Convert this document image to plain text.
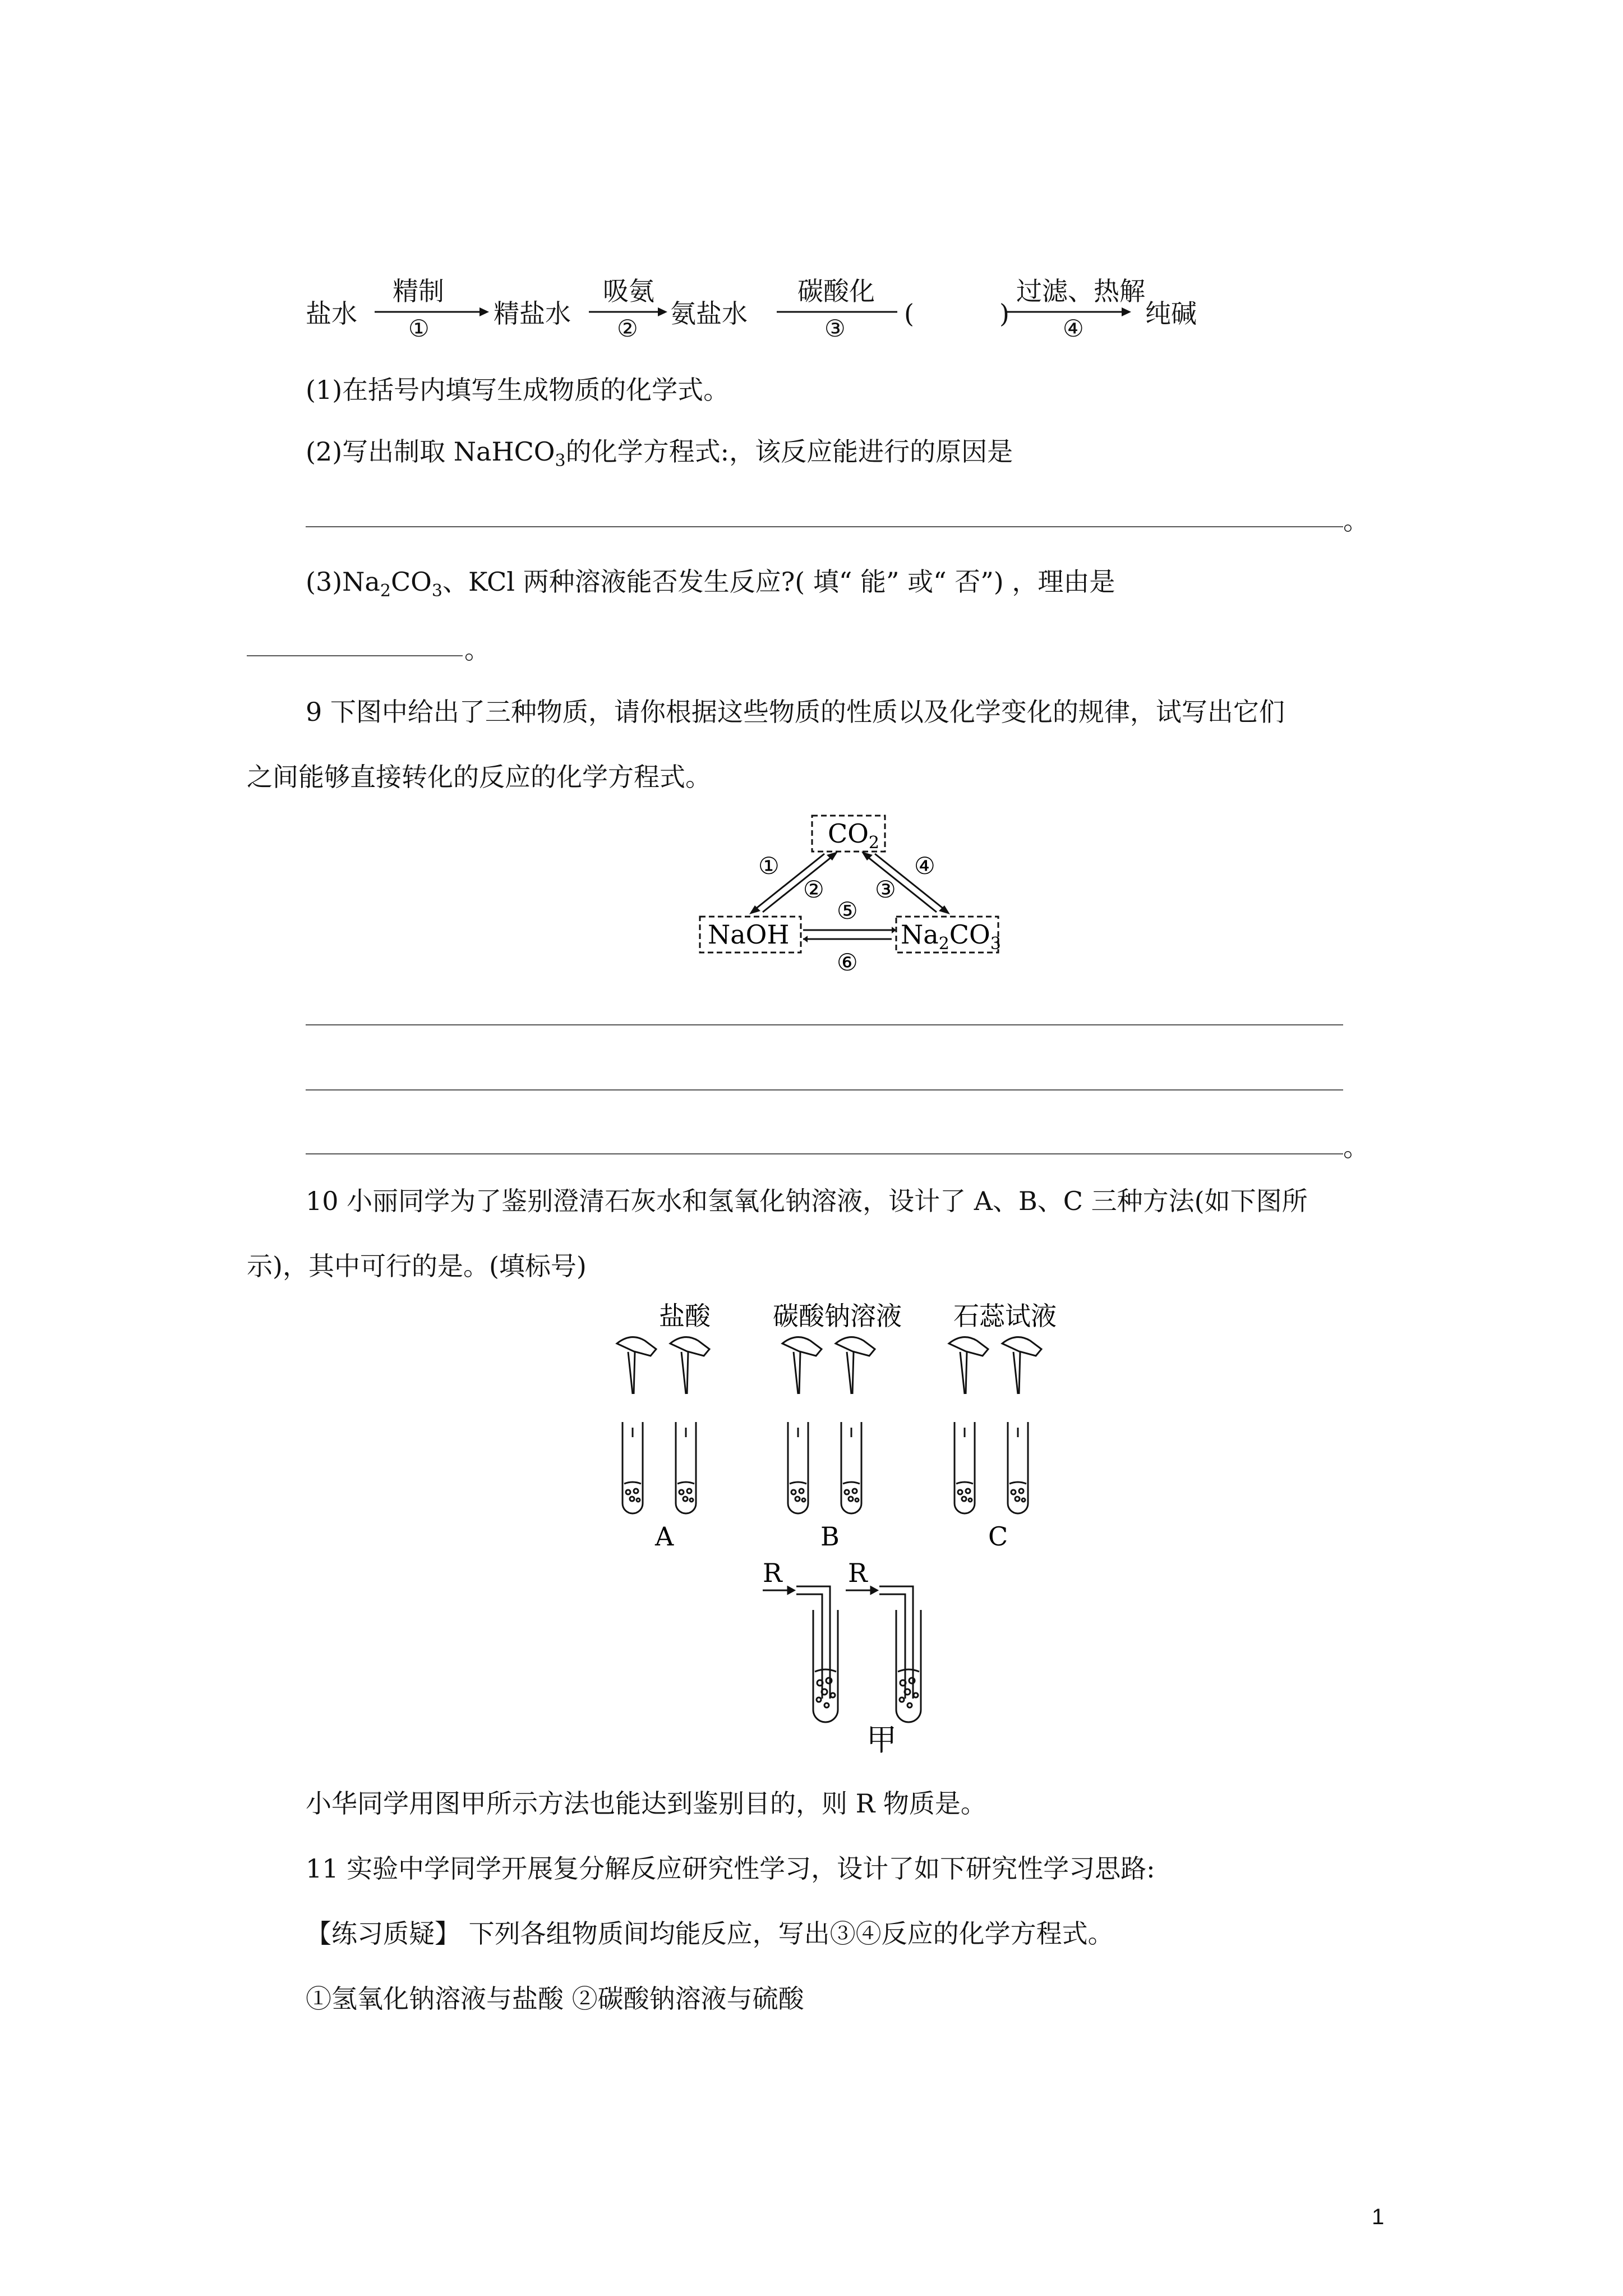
盐水
精制
① 精盐水
吸氨
② 氨盐水
碳酸化
③ (	)
过滤、热解
④ 纯碱
(1)在括号内填写生成物质的化学式。
(2)写出制取 NaHCO$_3$的化学方程式:，该反应能进行的原因是
。
$(3)Na_2CO_3$、KCl 两种溶液能否发生反应?( 填“ 能” 或“ 否”) ，理由是
。
9 下图中给出了三种物质，请你根据这些物质的性质以及化学变化的规律，试写出它们
之间能够直接转化的反应的化学方程式。
$CO_2$
NaOH	$Na_2CO_3$
①
② ③
④
⑤
⑥
。
10 小丽同学为了鉴别澄清石灰水和氢氧化钠溶液，设计了 A、B、C 三种方法(如下图所
示)，其中可行的是。(填标号)
盐酸 碳酸钠溶液 石蕊试液
A	B	C
R	R
甲
小华同学用图甲所示方法也能达到鉴别目的，则 R 物质是。
11 实验中学同学开展复分解反应研究性学习，设计了如下研究性学习思路:
【练习质疑】 下列各组物质间均能反应，写出③④反应的化学方程式。
①氢氧化钠溶液与盐酸 ②碳酸钠溶液与硫酸
1
